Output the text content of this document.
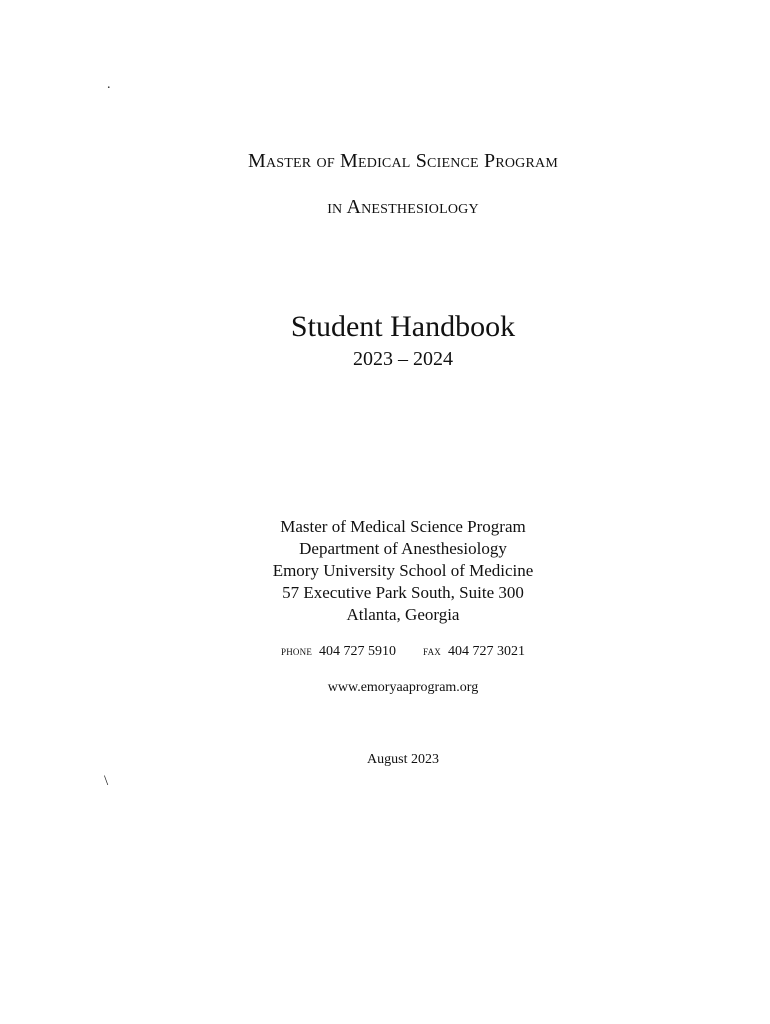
.
Master of Medical Science Program
in Anesthesiology
Student Handbook
2023 – 2024
Master of Medical Science Program
Department of Anesthesiology
Emory University School of Medicine
57 Executive Park South, Suite 300
Atlanta, Georgia
phone 404 727 5910 fax 404 727 3021
www.emoryaaprogram.org
August 2023
\
